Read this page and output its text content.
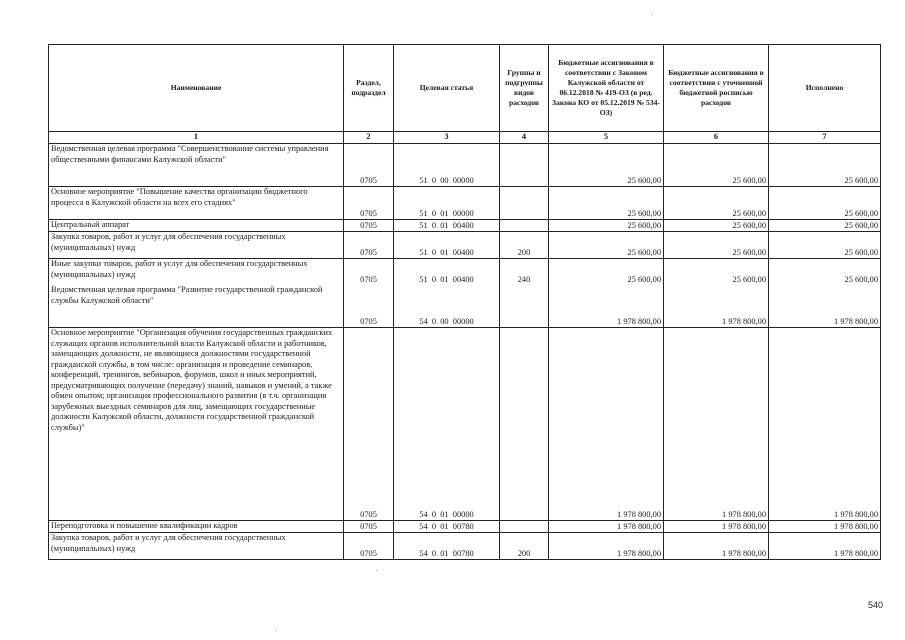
Наименование	Раздел, подраздел	Целевая статья	Группы и подгруппы видов расходов	Бюджетные ассигнования в соответствии с Законом Калужской области от 06.12.2018 № 419-ОЗ (в ред. Закона КО от 05.12.2019 № 534-ОЗ)	Бюджетные ассигнования в соответствии с уточненной бюджетной росписью расходов	Исполнено
1	2	3	4	5	6	7
Ведомственная целевая программа "Совершенствование системы управления общественными финансами Калужской области"	0705	51  0  00  00000		25 600,00	25 600,00	25 600,00
Основное мероприятие "Повышение качества организации бюджетного процесса в Калужской области на всех его стадиях"	0705	51  0  01  00000		25 600,00	25 600,00	25 600,00
Центральный аппарат	0705	51  0  01  00400		25 600,00	25 600,00	25 600,00
Закупка товаров, работ и услуг для обеспечения государственных (муниципальных) нужд	0705	51  0  01  00400	200	25 600,00	25 600,00	25 600,00
Иные закупки товаров, работ и услуг для обеспечения государственных (муниципальных) нужд	0705	51  0  01  00400	240	25 600,00	25 600,00	25 600,00
Ведомственная целевая программа "Развитие государственной гражданской службы Калужской области"	0705	54  0  00  00000		1 978 800,00	1 978 800,00	1 978 800,00
Основное мероприятие "Организация обучения государственных гражданских служащих органов исполнительной власти Калужской области и работников, замещающих должности, не являющиеся должностями государственной гражданской службы, в том числе: организация и проведение семинаров, конференций, тренингов, вебинаров, форумов, школ и иных мероприятий, предусматривающих получение (передачу) знаний, навыков и умений, а также обмен опытом; организация профессионального развития (в т.ч. организация зарубежных выездных семинаров для лиц, замещающих государственные должности Калужской области, должности государственной гражданской службы)"	0705	54  0  01  00000		1 978 800,00	1 978 800,00	1 978 800,00
Переподготовка и повышение квалификации кадров	0705	54  0  01  00780		1 978 800,00	1 978 800,00	1 978 800,00
Закупка товаров, работ и услуг для обеспечения государственных (муниципальных) нужд	0705	54  0  01  00780	200	1 978 800,00	1 978 800,00	1 978 800,00
540
